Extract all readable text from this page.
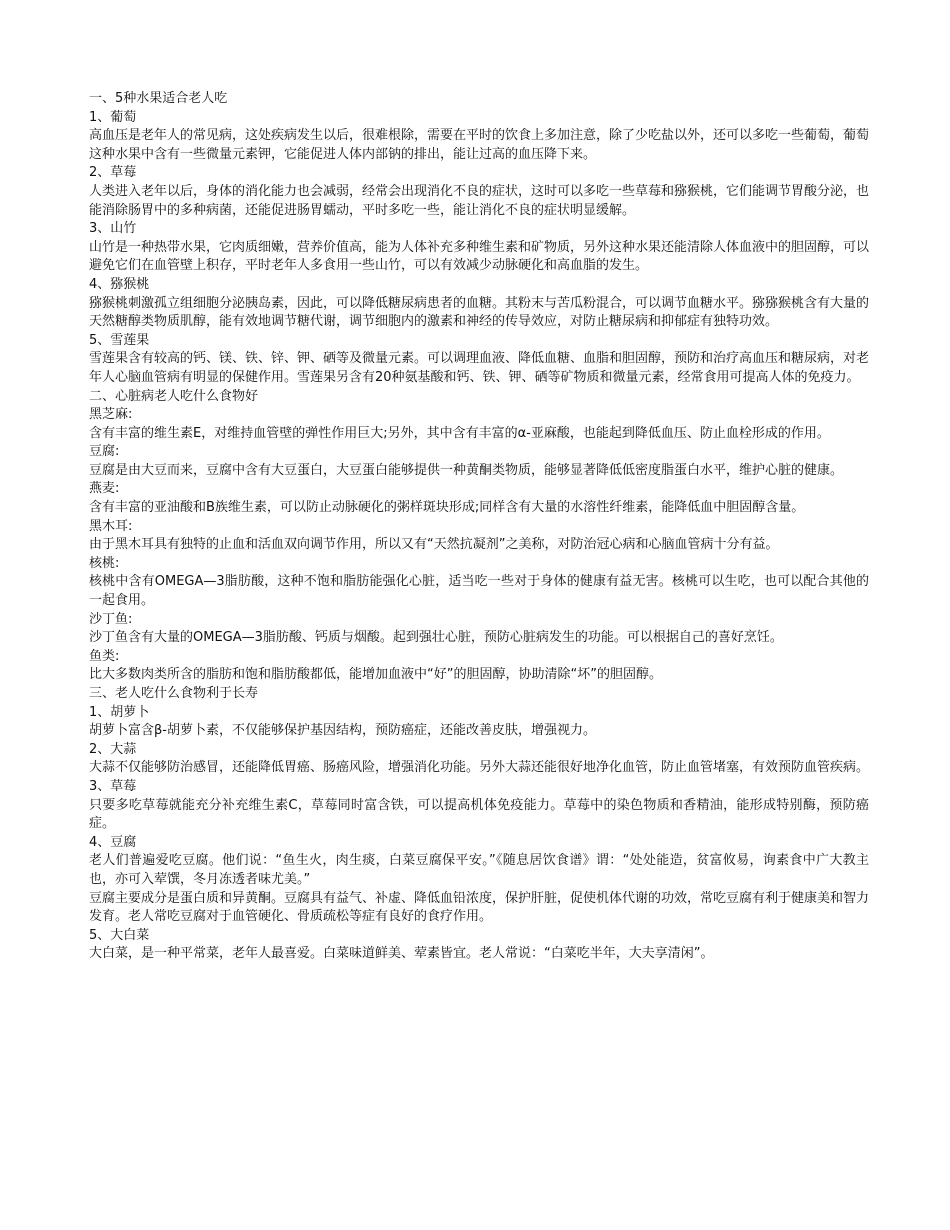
一、5种水果适合老人吃
1、葡萄
高血压是老年人的常见病，这处疾病发生以后，很难根除，需要在平时的饮食上多加注意，除了少吃盐以外，还可以多吃一些葡萄，葡萄这种水果中含有一些微量元素钾，它能促进人体内部钠的排出，能让过高的血压降下来。
2、草莓
人类进入老年以后，身体的消化能力也会减弱，经常会出现消化不良的症状，这时可以多吃一些草莓和猕猴桃，它们能调节胃酸分泌，也能消除肠胃中的多种病菌，还能促进肠胃蠕动，平时多吃一些，能让消化不良的症状明显缓解。
3、山竹
山竹是一种热带水果，它肉质细嫩，营养价值高，能为人体补充多种维生素和矿物质，另外这种水果还能清除人体血液中的胆固醇，可以避免它们在血管壁上积存，平时老年人多食用一些山竹，可以有效减少动脉硬化和高血脂的发生。
4、猕猴桃
猕猴桃刺激孤立组细胞分泌胰岛素，因此，可以降低糖尿病患者的血糖。其粉末与苦瓜粉混合，可以调节血糖水平。猕猕猴桃含有大量的天然糖醇类物质肌醇，能有效地调节糖代谢，调节细胞内的激素和神经的传导效应，对防止糖尿病和抑郁症有独特功效。
5、雪莲果
雪莲果含有较高的钙、镁、铁、锌、钾、硒等及微量元素。可以调理血液、降低血糖、血脂和胆固醇，预防和治疗高血压和糖尿病，对老年人心脑血管病有明显的保健作用。雪莲果另含有20种氨基酸和钙、铁、钾、硒等矿物质和微量元素，经常食用可提高人体的免疫力。
二、心脏病老人吃什么食物好
黑芝麻:
含有丰富的维生素E，对维持血管壁的弹性作用巨大;另外，其中含有丰富的α-亚麻酸，也能起到降低血压、防止血栓形成的作用。
豆腐:
豆腐是由大豆而来，豆腐中含有大豆蛋白，大豆蛋白能够提供一种黄酮类物质，能够显著降低低密度脂蛋白水平，维护心脏的健康。
燕麦:
含有丰富的亚油酸和B族维生素，可以防止动脉硬化的粥样斑块形成;同样含有大量的水溶性纤维素，能降低血中胆固醇含量。
黑木耳:
由于黑木耳具有独特的止血和活血双向调节作用，所以又有“天然抗凝剂”之美称，对防治冠心病和心脑血管病十分有益。
核桃:
核桃中含有OMEGA—3脂肪酸，这种不饱和脂肪能强化心脏，适当吃一些对于身体的健康有益无害。核桃可以生吃，也可以配合其他的一起食用。
沙丁鱼:
沙丁鱼含有大量的OMEGA—3脂肪酸、钙质与烟酸。起到强壮心脏，预防心脏病发生的功能。可以根据自己的喜好烹饪。
鱼类:
比大多数肉类所含的脂肪和饱和脂肪酸都低，能增加血液中“好”的胆固醇，协助清除“坏”的胆固醇。
三、老人吃什么食物利于长寿
1、胡萝卜
胡萝卜富含β-胡萝卜素，不仅能够保护基因结构，预防癌症，还能改善皮肤，增强视力。
2、大蒜
大蒜不仅能够防治感冒，还能降低胃癌、肠癌风险，增强消化功能。另外大蒜还能很好地净化血管，防止血管堵塞，有效预防血管疾病。
3、草莓
只要多吃草莓就能充分补充维生素C，草莓同时富含铁，可以提高机体免疫能力。草莓中的染色物质和香精油，能形成特别酶，预防癌症。
4、豆腐
老人们普遍爱吃豆腐。他们说：“鱼生火，肉生痰，白菜豆腐保平安。”《随息居饮食谱》谓：“处处能造，贫富攸易，询素食中广大教主也，亦可入荤馔，冬月冻透者味尤美。”
豆腐主要成分是蛋白质和异黄酮。豆腐具有益气、补虚、降低血铅浓度，保护肝脏，促使机体代谢的功效，常吃豆腐有利于健康美和智力发育。老人常吃豆腐对于血管硬化、骨质疏松等症有良好的食疗作用。
5、大白菜
大白菜，是一种平常菜，老年人最喜爱。白菜味道鲜美、荤素皆宜。老人常说：“白菜吃半年，大夫享清闲”。
